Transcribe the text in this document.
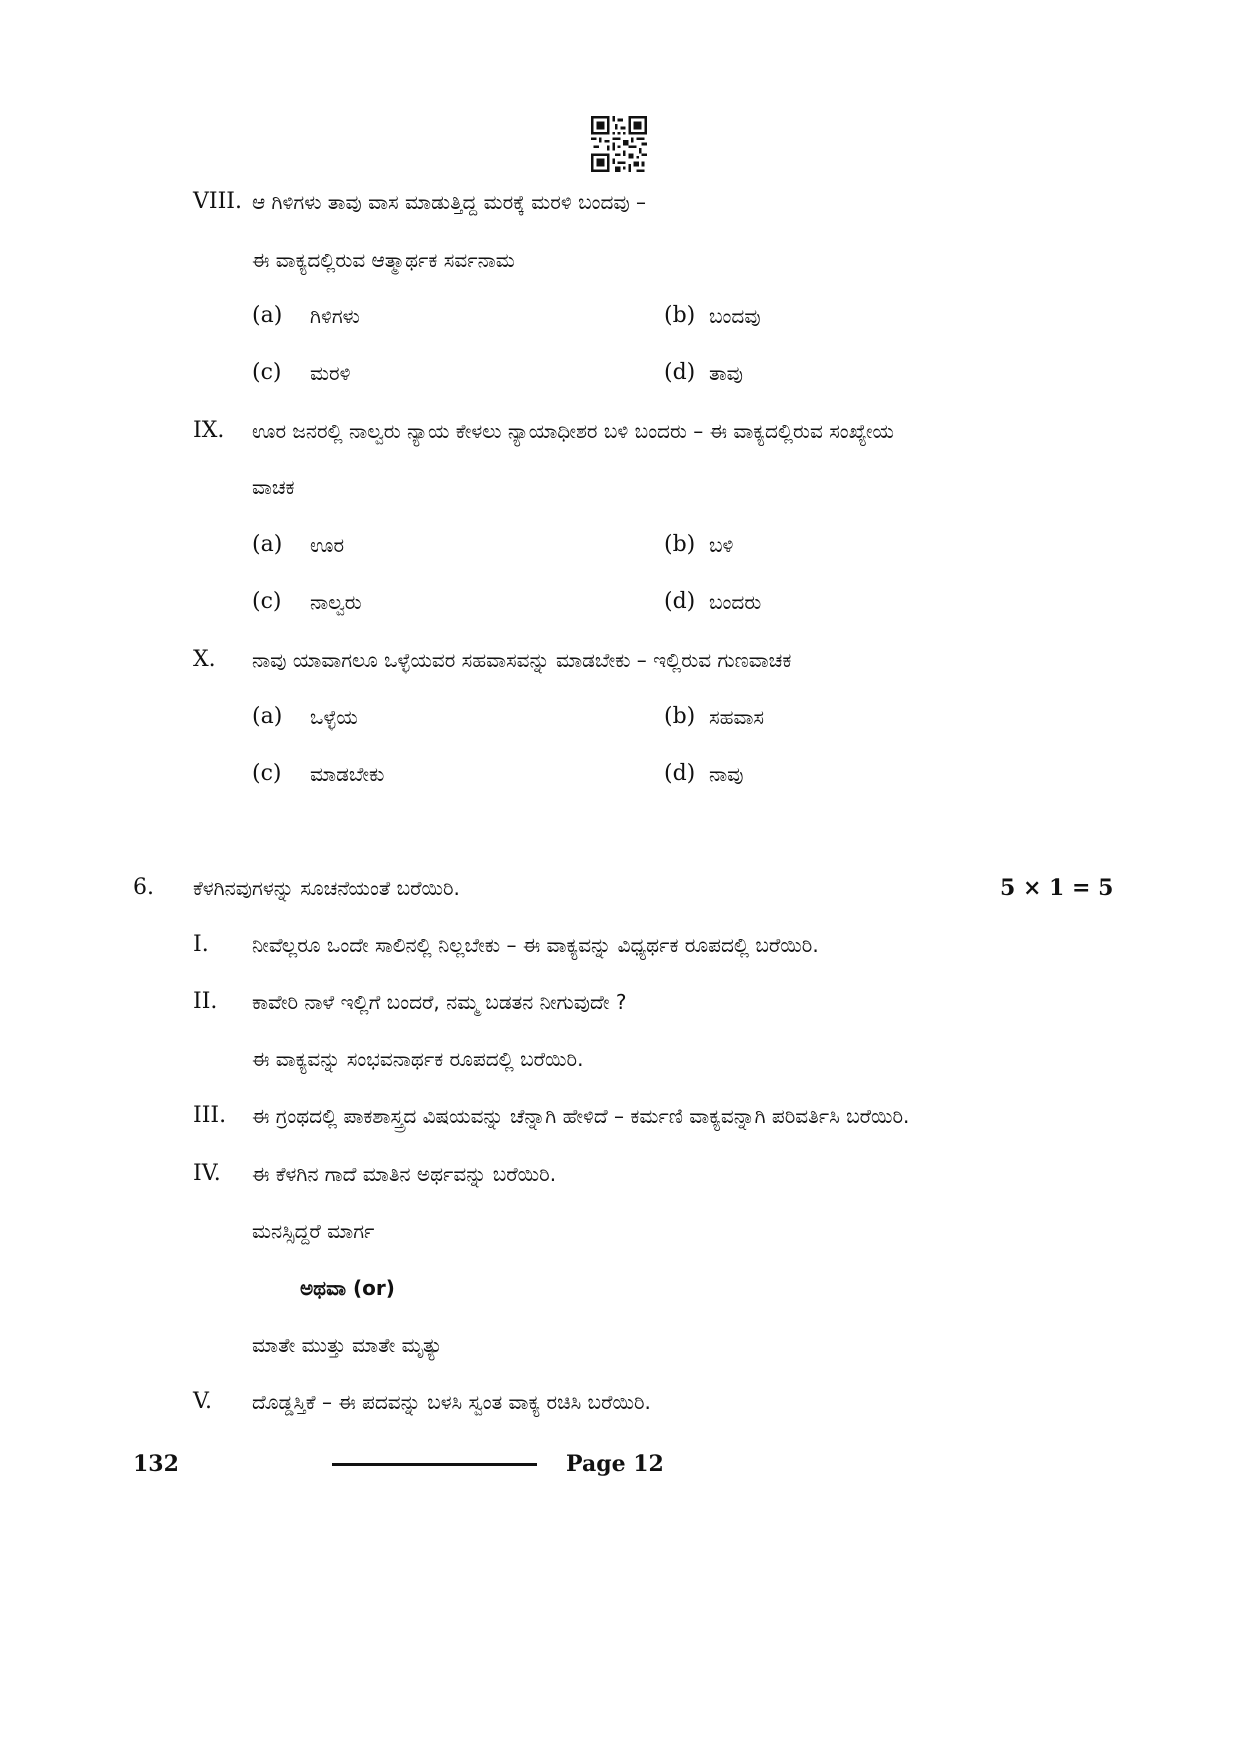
VIII. ಆ ಗಿಳಿಗಳು ತಾವು ವಾಸ ಮಾಡುತ್ತಿದ್ದ ಮರಕ್ಕೆ ಮರಳಿ ಬಂದವು –
ಈ ವಾಕ್ಯದಲ್ಲಿರುವ ಆತ್ಮಾರ್ಥಕ ಸರ್ವನಾಮ
(a) ಗಿಳಿಗಳು	(b) ಬಂದವು
(c) ಮರಳಿ	(d) ತಾವು
IX. ಊರ ಜನರಲ್ಲಿ ನಾಲ್ವರು ನ್ಯಾಯ ಕೇಳಲು ನ್ಯಾಯಾಧೀಶರ ಬಳಿ ಬಂದರು – ಈ ವಾಕ್ಯದಲ್ಲಿರುವ ಸಂಖ್ಯೇಯ
ವಾಚಕ
(a) ಊರ	(b) ಬಳಿ
(c) ನಾಲ್ವರು	(d) ಬಂದರು
X. ನಾವು ಯಾವಾಗಲೂ ಒಳ್ಳೆಯವರ ಸಹವಾಸವನ್ನು ಮಾಡಬೇಕು – ಇಲ್ಲಿರುವ ಗುಣವಾಚಕ
(a) ಒಳ್ಳೆಯ	(b) ಸಹವಾಸ
(c) ಮಾಡಬೇಕು	(d) ನಾವು
6. ಕೆಳಗಿನವುಗಳನ್ನು ಸೂಚನೆಯಂತೆ ಬರೆಯಿರಿ.	5 × 1 = 5
I. ನೀವೆಲ್ಲರೂ ಒಂದೇ ಸಾಲಿನಲ್ಲಿ ನಿಲ್ಲಬೇಕು – ಈ ವಾಕ್ಯವನ್ನು ವಿಧ್ಯರ್ಥಕ ರೂಪದಲ್ಲಿ ಬರೆಯಿರಿ.
II. ಕಾವೇರಿ ನಾಳೆ ಇಲ್ಲಿಗೆ ಬಂದರೆ, ನಮ್ಮ ಬಡತನ ನೀಗುವುದೇ ?
ಈ ವಾಕ್ಯವನ್ನು ಸಂಭವನಾರ್ಥಕ ರೂಪದಲ್ಲಿ ಬರೆಯಿರಿ.
III. ಈ ಗ್ರಂಥದಲ್ಲಿ ಪಾಕಶಾಸ್ತ್ರದ ವಿಷಯವನ್ನು ಚೆನ್ನಾಗಿ ಹೇಳಿದೆ – ಕರ್ಮಣಿ ವಾಕ್ಯವನ್ನಾಗಿ ಪರಿವರ್ತಿಸಿ ಬರೆಯಿರಿ.
IV. ಈ ಕೆಳಗಿನ ಗಾದೆ ಮಾತಿನ ಅರ್ಥವನ್ನು ಬರೆಯಿರಿ.
ಮನಸ್ಸಿದ್ದರೆ ಮಾರ್ಗ
ಅಥವಾ (or)
ಮಾತೇ ಮುತ್ತು ಮಾತೇ ಮೃತ್ಯು
V. ದೊಡ್ಡಸ್ತಿಕೆ – ಈ ಪದವನ್ನು ಬಳಸಿ ಸ್ವಂತ ವಾಕ್ಯ ರಚಿಸಿ ಬರೆಯಿರಿ.
132	Page 12
